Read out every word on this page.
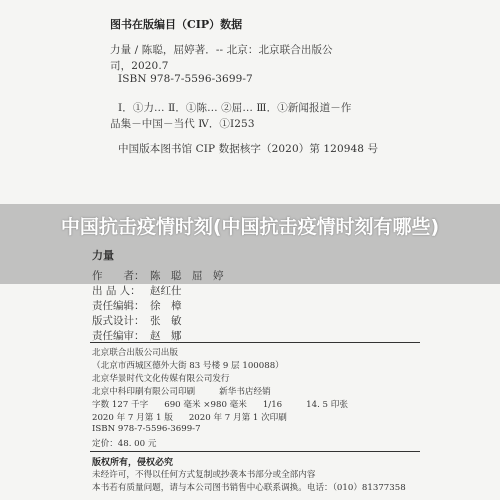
图书在版编目（CIP）数据
力量 / 陈聪，屈婷著．-- 北京：北京联合出版公
司，2020.7
ISBN 978-7-5596-3699-7
Ⅰ．①力… Ⅱ．①陈… ②屈… Ⅲ．①新闻报道－作
品集－中国－当代 Ⅳ．①I253
中国版本图书馆 CIP 数据核字（2020）第 120948 号
中国抗击疫情时刻(中国抗击疫情时刻有哪些)
力量
作　　者： 陈　聪　屈　婷
出 品 人： 赵红仕
责任编辑： 徐　樟
版式设计： 张　敏
责任编审： 赵　娜
北京联合出版公司出版
（北京市西城区德外大街 83 号楼 9 层 100088）
北京华景时代文化传媒有限公司发行
北京中科印刷有限公司印刷	新华书店经销
字数 127 千字 690 毫米 ×980 毫米 1/16	14. 5 印张
2020 年 7 月第 1 版 2020 年 7 月第 1 次印刷
ISBN 978-7-5596-3699-7
定价：48. 00 元
版权所有，侵权必究
未经许可，不得以任何方式复制或抄袭本书部分或全部内容
本书若有质量问题，请与本公司图书销售中心联系调换。电话：（010）81377358
